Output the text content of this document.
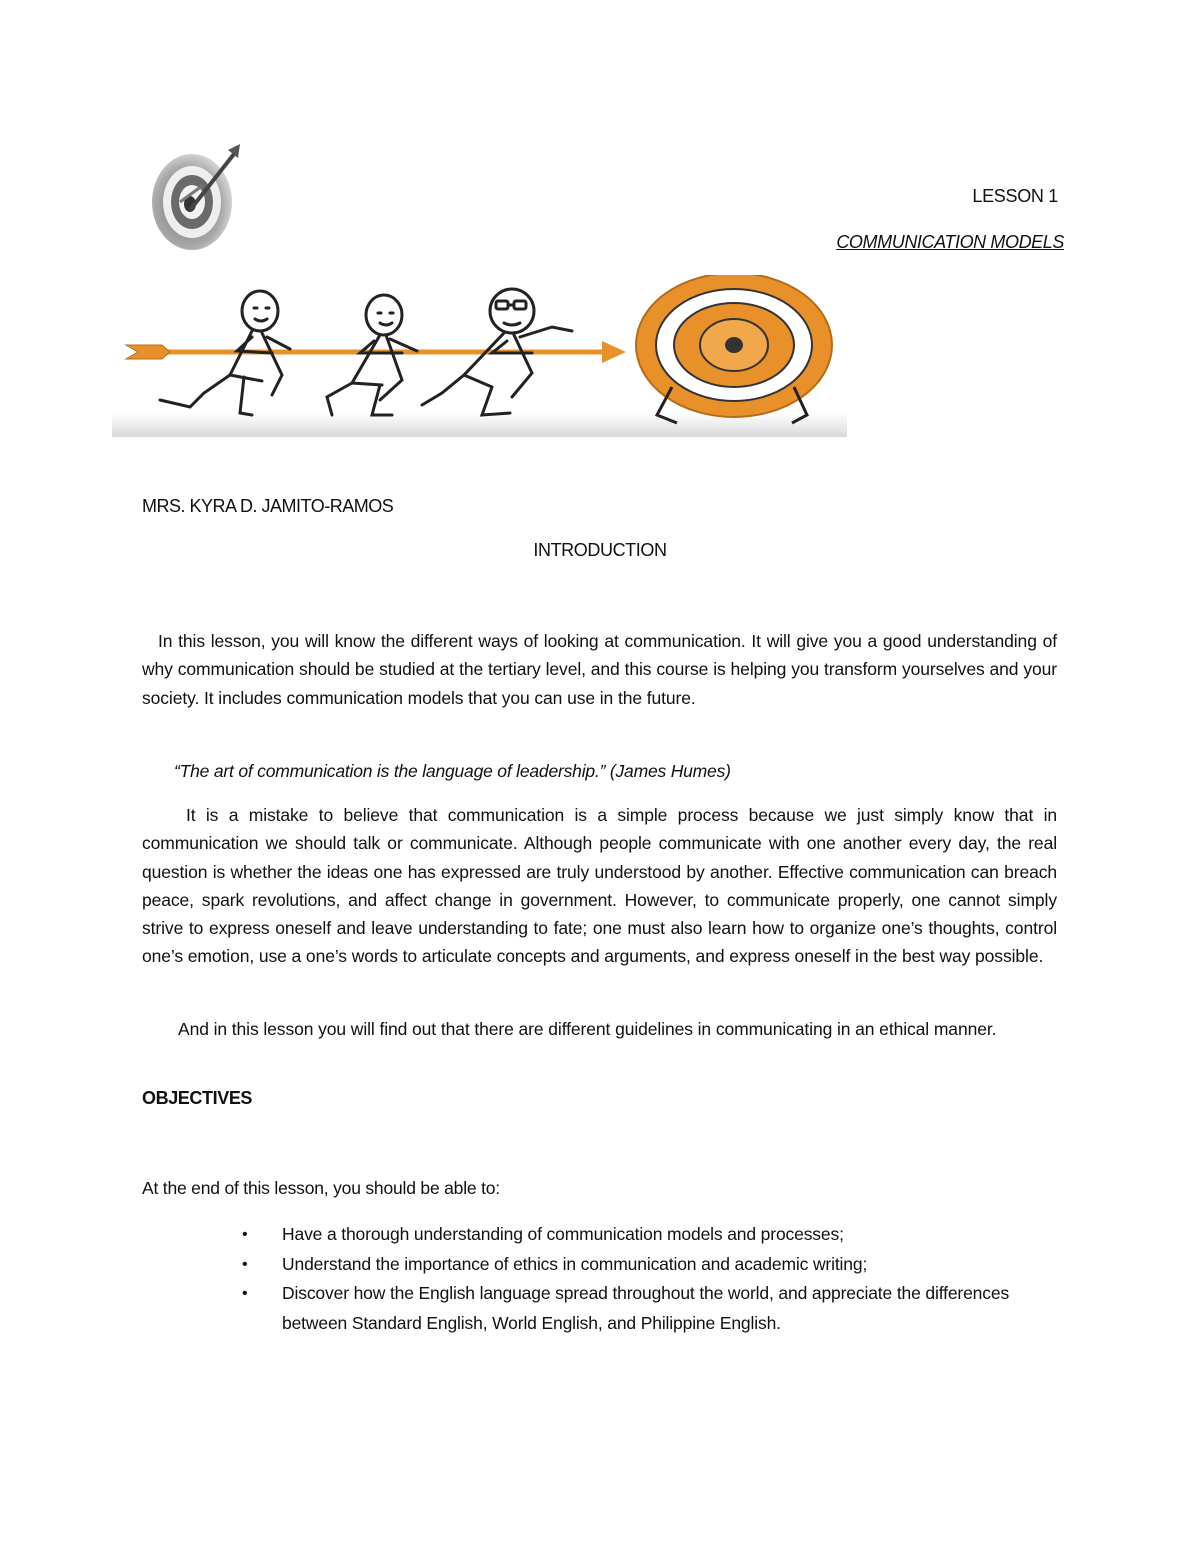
LESSON 1
COMMUNICATION MODELS
MRS. KYRA D. JAMITO-RAMOS
INTRODUCTION
In this lesson, you will know the different ways of looking at communication. It will give you a good understanding of why communication should be studied at the tertiary level, and this course is helping you transform yourselves and your society. It includes communication models that you can use in the future.
“The art of communication is the language of leadership.” (James Humes)
It is a mistake to believe that communication is a simple process because we just simply know that in communication we should talk or communicate. Although people communicate with one another every day, the real question is whether the ideas one has expressed are truly understood by another. Effective communication can breach peace, spark revolutions, and affect change in government. However, to communicate properly, one cannot simply strive to express oneself and leave understanding to fate; one must also learn how to organize one’s thoughts, control one’s emotion, use a one’s words to articulate concepts and arguments, and express oneself in the best way possible.
And in this lesson you will find out that there are different guidelines in communicating in an ethical manner.
OBJECTIVES
At the end of this lesson, you should be able to:
• Have a thorough understanding of communication models and processes;
• Understand the importance of ethics in communication and academic writing;
• Discover how the English language spread throughout the world, and appreciate the differences between Standard English, World English, and Philippine English.
